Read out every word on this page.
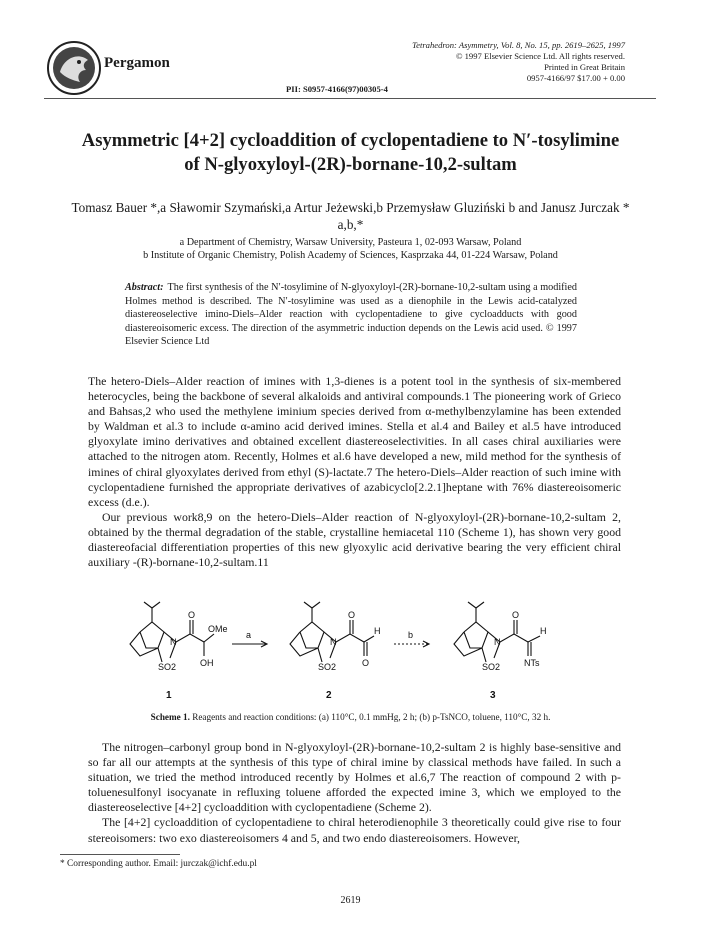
Pergamon
Tetrahedron: Asymmetry, Vol. 8, No. 15, pp. 2619–2625, 1997
© 1997 Elsevier Science Ltd. All rights reserved.
Printed in Great Britain
0957-4166/97 $17.00 + 0.00
PII: S0957-4166(97)00305-4
Asymmetric [4+2] cycloaddition of cyclopentadiene to N′-tosylimine
of N-glyoxyloyl-(2R)-bornane-10,2-sultam
Tomasz Bauer *,a Sławomir Szymański,a Artur Jeżewski,b Przemysław Gluziński b and Janusz Jurczak * a,b,*
a Department of Chemistry, Warsaw University, Pasteura 1, 02-093 Warsaw, Poland
b Institute of Organic Chemistry, Polish Academy of Sciences, Kasprzaka 44, 01-224 Warsaw, Poland
Abstract: The first synthesis of the N′-tosylimine of N-glyoxyloyl-(2R)-bornane-10,2-sultam using a modified Holmes method is described. The N′-tosylimine was used as a dienophile in the Lewis acid-catalyzed diastereoselective imino-Diels–Alder reaction with cyclopentadiene to give cycloadducts with good diastereoisomeric excess. The direction of the asymmetric induction depends on the Lewis acid used. © 1997 Elsevier Science Ltd

The hetero-Diels–Alder reaction of imines with 1,3-dienes is a potent tool in the synthesis of six-membered heterocycles, being the backbone of several alkaloids and antiviral compounds.1 The pioneering work of Grieco and Bahsas,2 who used the methylene iminium species derived from α-methylbenzylamine has been extended by Waldman et al.3 to include α-amino acid derived imines. Stella et al.4 and Bailey et al.5 have introduced glyoxylate imino derivatives and obtained excellent diastereoselectivities. In all cases chiral auxiliaries were attached to the nitrogen atom. Recently, Holmes et al.6 have developed a new, mild method for the synthesis of imines of chiral glyoxylates derived from ethyl (S)-lactate.7 The hetero-Diels–Alder reaction of such imine with cyclopentadiene furnished the appropriate derivatives of azabicyclo[2.2.1]heptane with 76% diastereoisomeric excess (d.e.).

Our previous work8,9 on the hetero-Diels–Alder reaction of N-glyoxyloyl-(2R)-bornane-10,2-sultam 2, obtained by the thermal degradation of the stable, crystalline hemiacetal 110 (Scheme 1), has shown very good diastereofacial differentiation properties of this new glyoxylic acid derivative bearing the very efficient chiral auxiliary -(R)-bornane-10,2-sultam.11

N
O
OMe
OH
SO2
a
N
O
O
H
SO2
b
N
O
H
NTs
SO2
1	2	3
Scheme 1. Reagents and reaction conditions: (a) 110°C, 0.1 mmHg, 2 h; (b) p-TsNCO, toluene, 110°C, 32 h.

The nitrogen–carbonyl group bond in N-glyoxyloyl-(2R)-bornane-10,2-sultam 2 is highly base-sensitive and so far all our attempts at the synthesis of this type of chiral imine by classical methods have failed. In such a situation, we tried the method introduced recently by Holmes et al.6,7 The reaction of compound 2 with p-toluenesulfonyl isocyanate in refluxing toluene afforded the expected imine 3, which we employed to the diastereoselective [4+2] cycloaddition with cyclopentadiene (Scheme 2).

The [4+2] cycloaddition of cyclopentadiene to chiral heterodienophile 3 theoretically could give rise to four stereoisomers: two exo diastereoisomers 4 and 5, and two endo diastereoisomers. However,

* Corresponding author. Email: jurczak@ichf.edu.pl
2619
